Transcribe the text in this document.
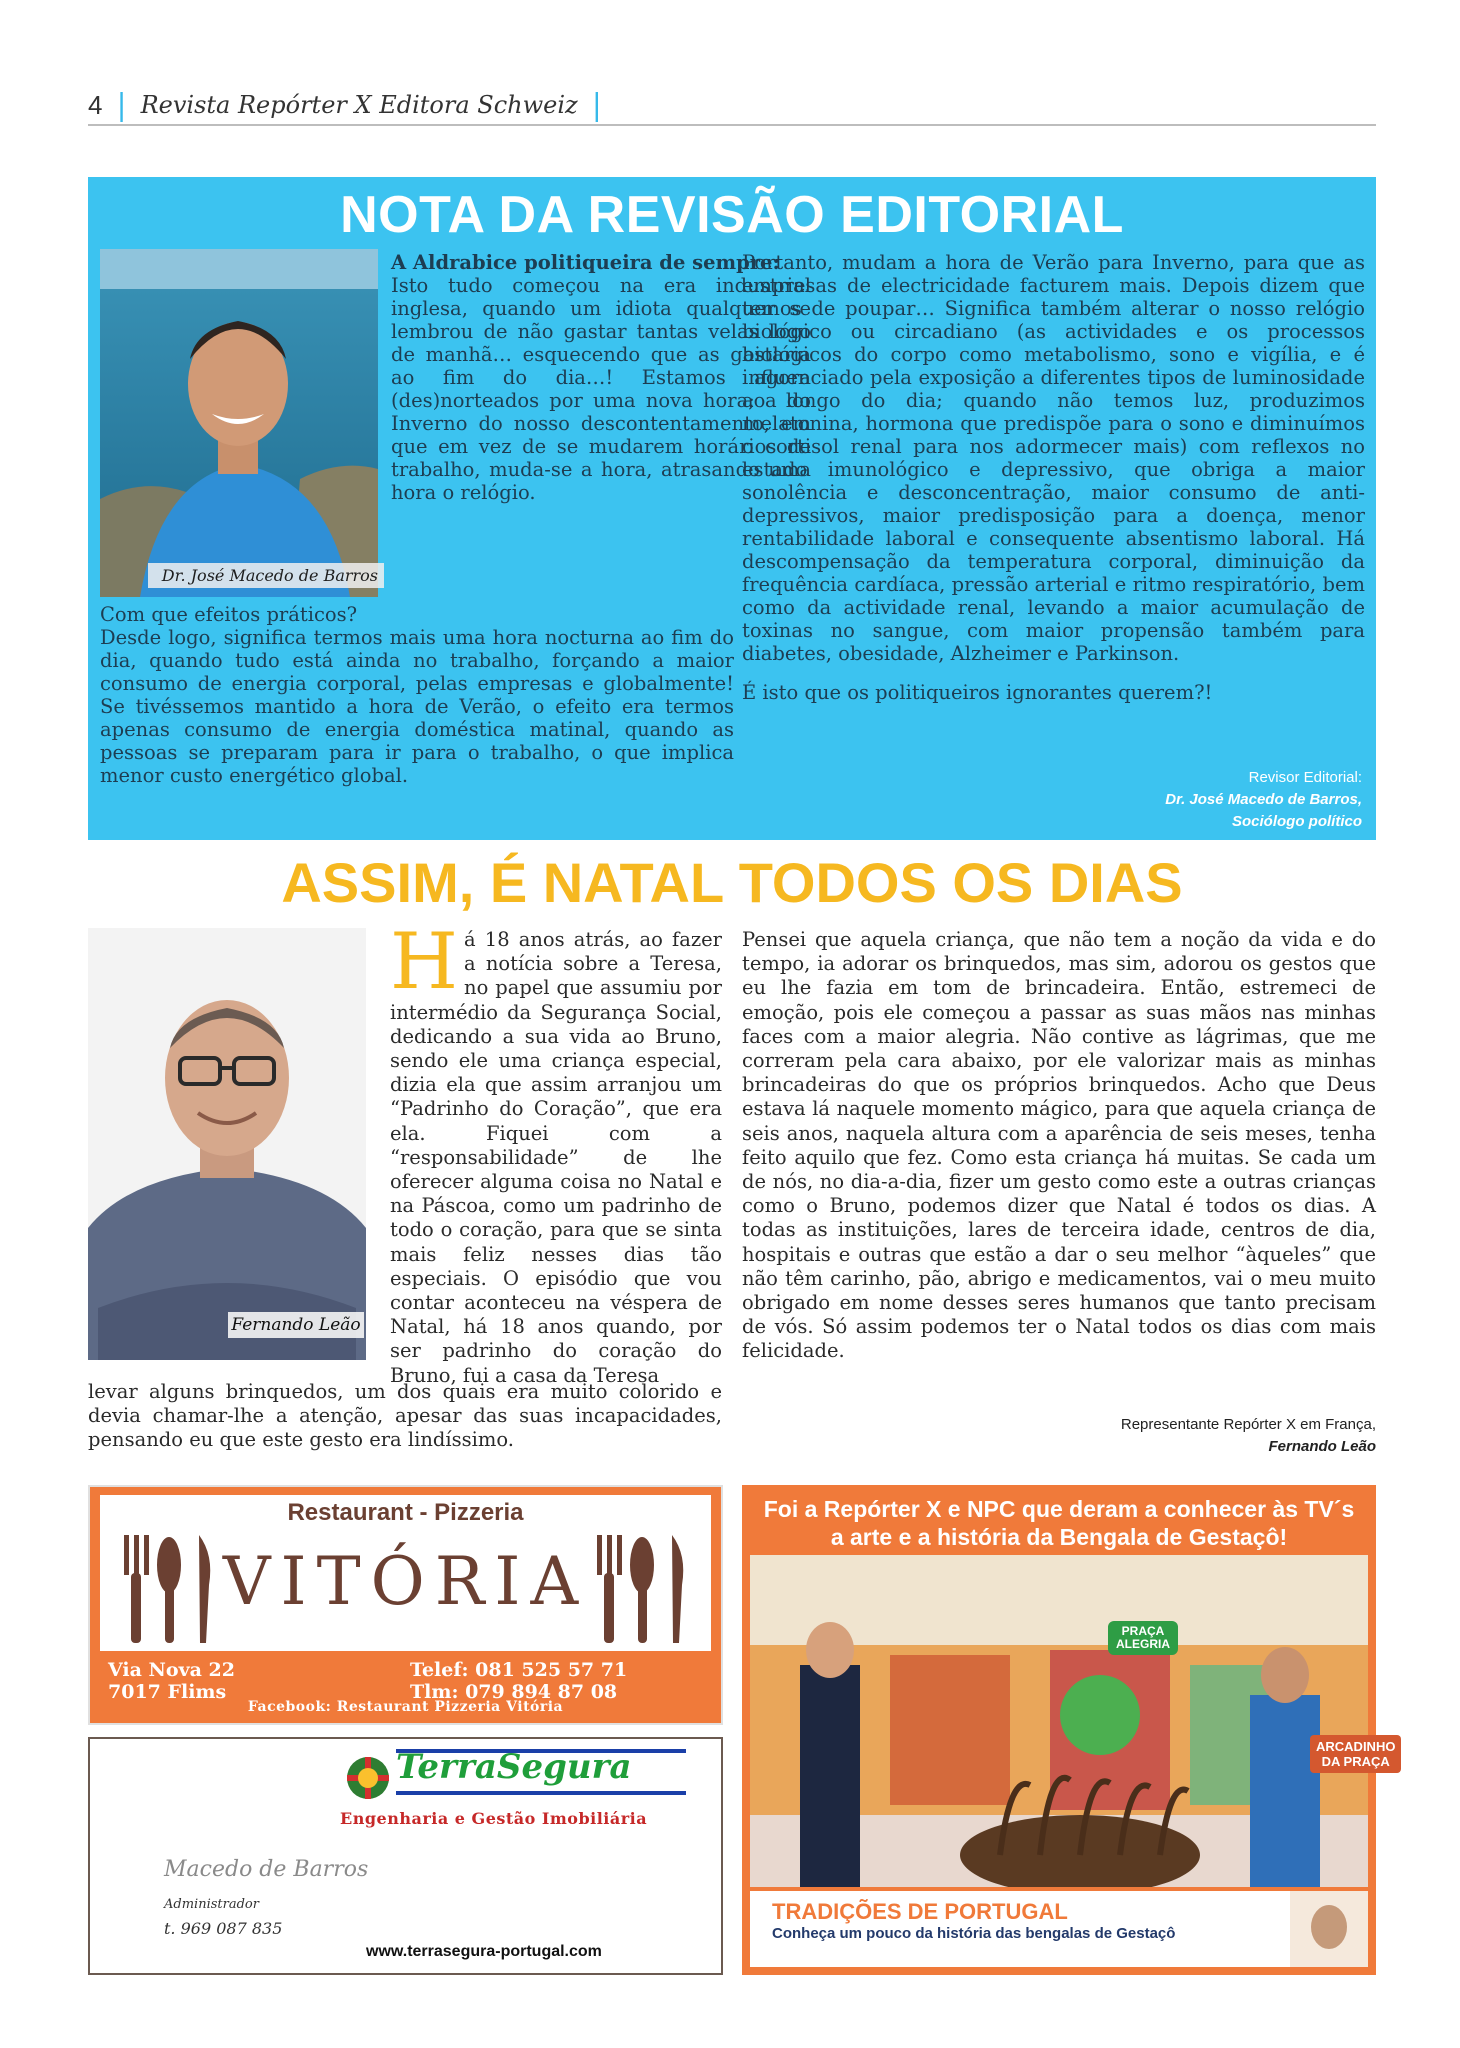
4 | Revista Repórter X Editora Schweiz |
NOTA DA REVISÃO EDITORIAL
Dr. José Macedo de Barros

A Aldrabice politiqueira de sempre:

Isto tudo começou na era industrial inglesa, quando um idiota qualquer se lembrou de não gastar tantas velas logo de manhã… esquecendo que as gastaria ao fim do dia…! Estamos agora (des)norteados por uma nova hora; a do Inverno do nosso descontentamento, em que em vez de se mudarem horários de trabalho, muda-se a hora, atrasando uma hora o relógio.

Com que efeitos práticos?

Desde logo, significa termos mais uma hora nocturna ao fim do dia, quando tudo está ainda no trabalho, forçando a maior consumo de energia corporal, pelas empresas e globalmente! Se tivéssemos mantido a hora de Verão, o efeito era termos apenas consumo de energia doméstica matinal, quando as pessoas se preparam para ir para o trabalho, o que implica menor custo energético global.

Portanto, mudam a hora de Verão para Inverno, para que as empresas de electricidade facturem mais. Depois dizem que temos de poupar… Significa também alterar o nosso relógio biológico ou circadiano (as actividades e os processos biológicos do corpo como metabolismo, sono e vigília, e é influenciado pela exposição a diferentes tipos de luminosidade ao longo do dia; quando não temos luz, produzimos melatonina, hormona que predispõe para o sono e diminuímos o cortisol renal para nos adormecer mais) com reflexos no estado imunológico e depressivo, que obriga a maior sonolência e desconcentração, maior consumo de anti-depressivos, maior predisposição para a doença, menor rentabilidade laboral e consequente absentismo laboral. Há descompensação da temperatura corporal, diminuição da frequência cardíaca, pressão arterial e ritmo respiratório, bem como da actividade renal, levando a maior acumulação de toxinas no sangue, com maior propensão também para diabetes, obesidade, Alzheimer e Parkinson.

É isto que os politiqueiros ignorantes querem?!

Revisor Editorial:
Dr. José Macedo de Barros,
Sociólogo político
ASSIM, É NATAL TODOS OS DIAS
Fernando Leão

Há 18 anos atrás, ao fazer a notícia sobre a Teresa, no papel que assumiu por intermédio da Segurança Social, dedicando a sua vida ao Bruno, sendo ele uma criança especial, dizia ela que assim arranjou um “Padrinho do Coração”, que era ela. Fiquei com a “responsabilidade” de lhe oferecer alguma coisa no Natal e na Páscoa, como um padrinho de todo o coração, para que se sinta mais feliz nesses dias tão especiais. O episódio que vou contar aconteceu na véspera de Natal, há 18 anos quando, por ser padrinho do coração do Bruno, fui a casa da Teresa

levar alguns brinquedos, um dos quais era muito colorido e devia chamar-lhe a atenção, apesar das suas incapacidades, pensando eu que este gesto era lindíssimo.

Pensei que aquela criança, que não tem a noção da vida e do tempo, ia adorar os brinquedos, mas sim, adorou os gestos que eu lhe fazia em tom de brincadeira. Então, estremeci de emoção, pois ele começou a passar as suas mãos nas minhas faces com a maior alegria. Não contive as lágrimas, que me correram pela cara abaixo, por ele valorizar mais as minhas brincadeiras do que os próprios brinquedos. Acho que Deus estava lá naquele momento mágico, para que aquela criança de seis anos, naquela altura com a aparência de seis meses, tenha feito aquilo que fez. Como esta criança há muitas. Se cada um de nós, no dia-a-dia, fizer um gesto como este a outras crianças como o Bruno, podemos dizer que Natal é todos os dias. A todas as instituições, lares de terceira idade, centros de dia, hospitais e outras que estão a dar o seu melhor “àqueles” que não têm carinho, pão, abrigo e medicamentos, vai o meu muito obrigado em nome desses seres humanos que tanto precisam de vós. Só assim podemos ter o Natal todos os dias com mais felicidade.

Representante Repórter X em França,
Fernando Leão
Restaurant - Pizzeria
VITÓRIA
Via Nova 22
7017 Flims
Telef: 081 525 57 71
Tlm: 079 894 87 08
Facebook: Restaurant Pizzeria Vitória
TerraSegura
Engenharia e Gestão Imobiliária
Macedo de Barros
Administrador
t. 969 087 835
www.terrasegura-portugal.com
Foi a Repórter X e NPC que deram a conhecer às TV´s
a arte e a história da Bengala de Gestaçô!
PRAÇA
ALEGRIA
ARCADINHO
DA PRAÇA
TRADIÇÕES DE PORTUGAL
Conheça um pouco da história das bengalas de Gestaçô
